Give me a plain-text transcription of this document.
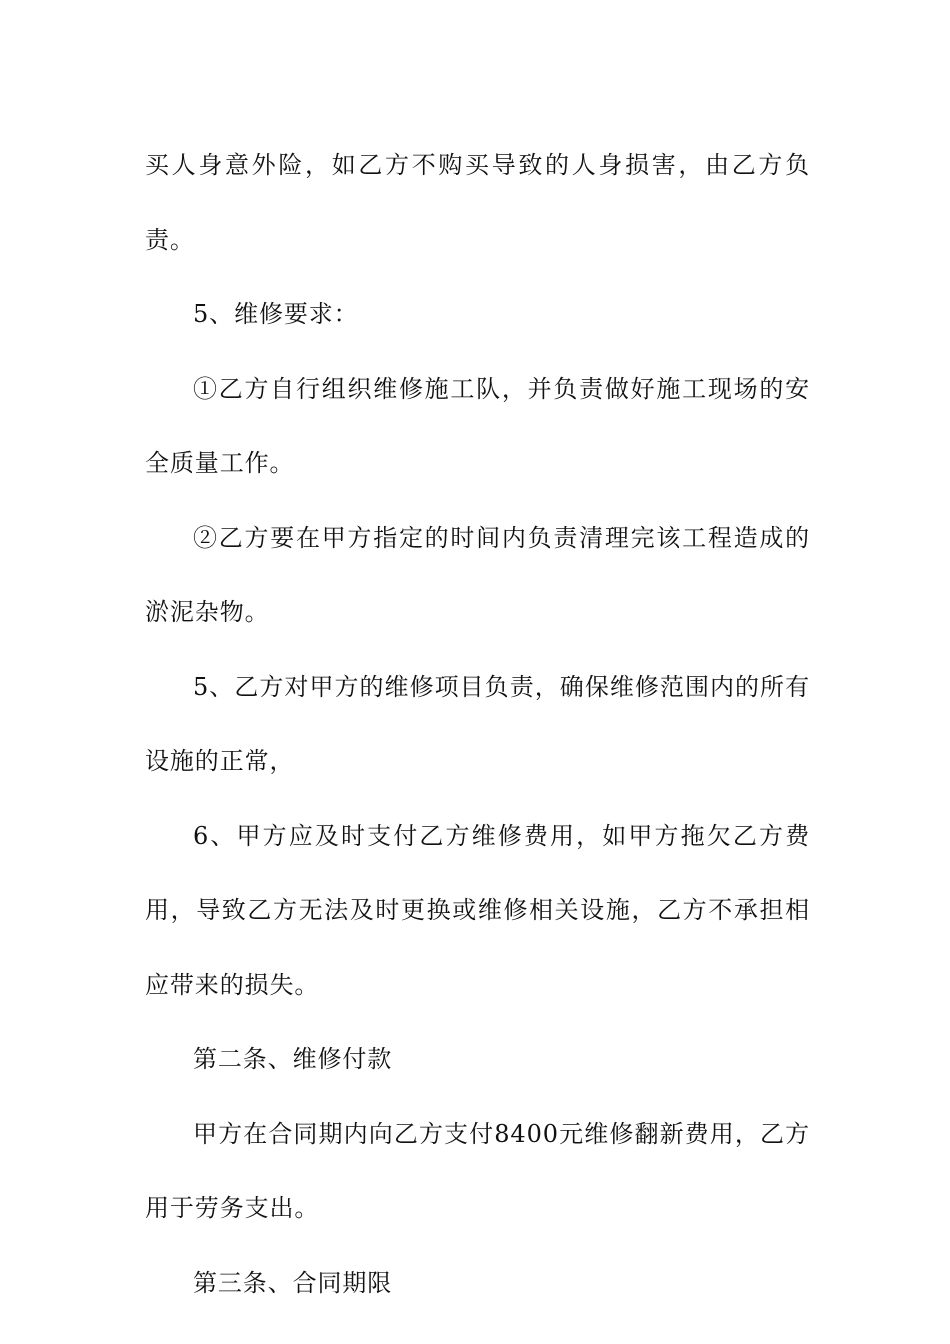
买人身意外险，如乙方不购买导致的人身损害，由乙方负责。

5、维修要求：

①乙方自行组织维修施工队，并负责做好施工现场的安全质量工作。

②乙方要在甲方指定的时间内负责清理完该工程造成的淤泥杂物。

5、乙方对甲方的维修项目负责，确保维修范围内的所有设施的正常，

6、甲方应及时支付乙方维修费用，如甲方拖欠乙方费用，导致乙方无法及时更换或维修相关设施，乙方不承担相应带来的损失。

第二条、维修付款

甲方在合同期内向乙方支付8400元维修翻新费用，乙方用于劳务支出。

第三条、合同期限
